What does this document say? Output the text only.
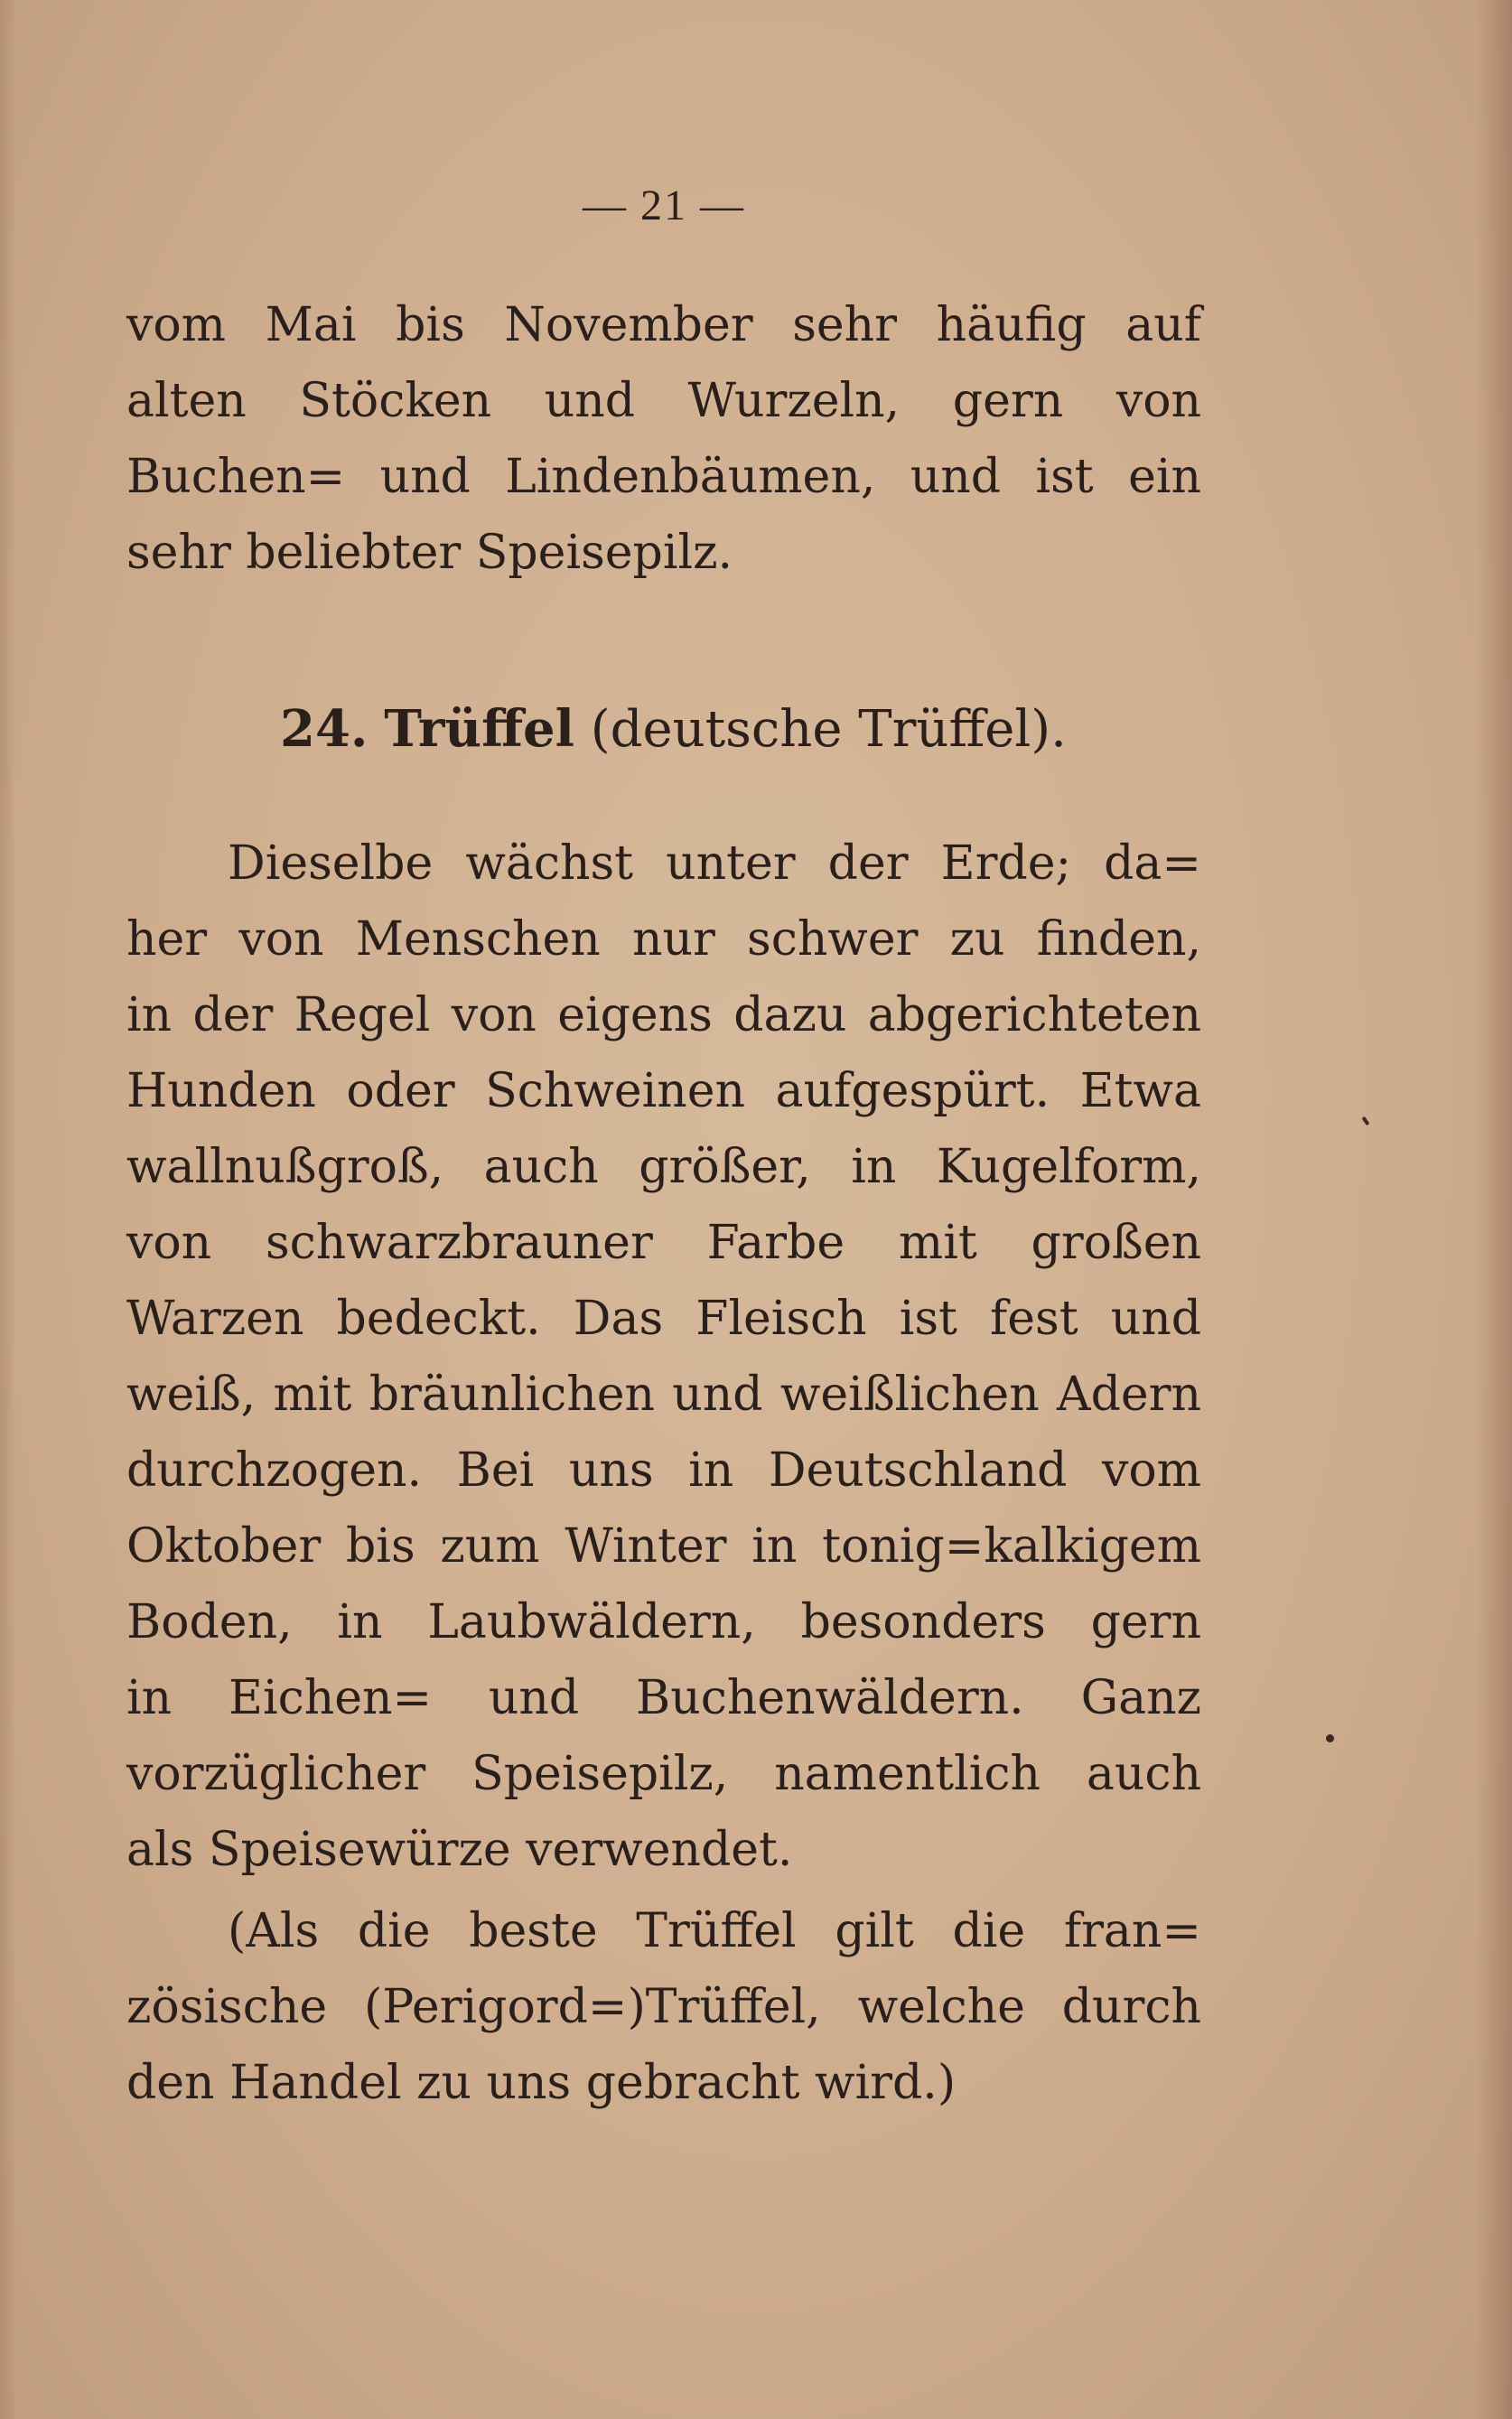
— 21 —
vom Mai bis November sehr häufig auf
alten Stöcken und Wurzeln, gern von
Buchen= und Lindenbäumen, und ist ein
sehr beliebter Speisepilz.
24. Trüffel (deutsche Trüffel).
Dieselbe wächst unter der Erde; da=
her von Menschen nur schwer zu finden,
in der Regel von eigens dazu abgerichteten
Hunden oder Schweinen aufgespürt. Etwa
wallnußgroß, auch größer, in Kugelform,
von schwarzbrauner Farbe mit großen
Warzen bedeckt. Das Fleisch ist fest und
weiß, mit bräunlichen und weißlichen Adern
durchzogen. Bei uns in Deutschland vom
Oktober bis zum Winter in tonig=kalkigem
Boden, in Laubwäldern, besonders gern
in Eichen= und Buchenwäldern. Ganz
vorzüglicher Speisepilz, namentlich auch
als Speisewürze verwendet.
(Als die beste Trüffel gilt die fran=
zösische (Perigord=)Trüffel, welche durch
den Handel zu uns gebracht wird.)
